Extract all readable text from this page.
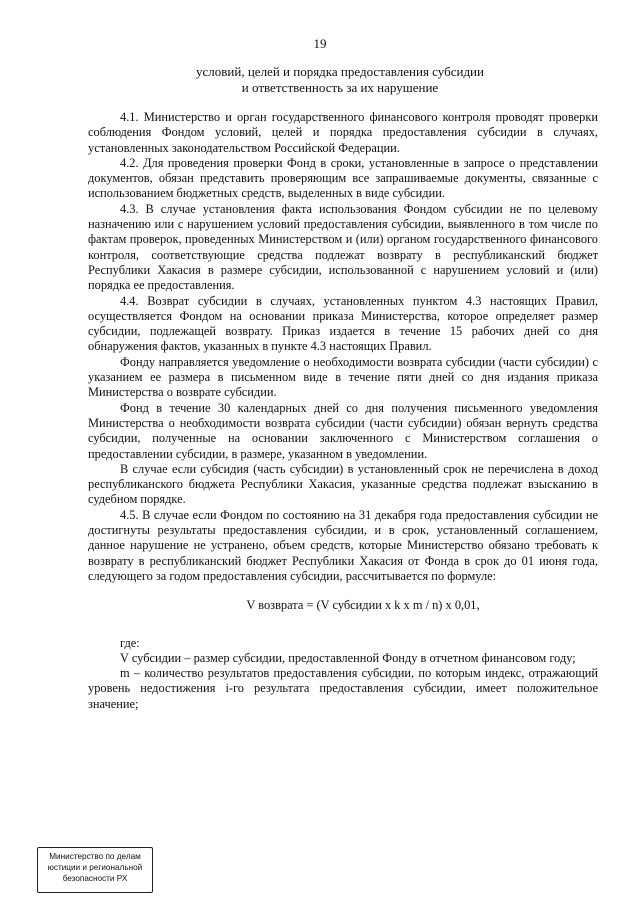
19
условий, целей и порядка предоставления субсидии
и ответственность за их нарушение

4.1. Министерство и орган государственного финансового контроля проводят проверки соблюдения Фондом условий, целей и порядка предоставления субсидии в случаях, установленных законодательством Российской Федерации.

4.2. Для проведения проверки Фонд в сроки, установленные в запросе о представлении документов, обязан представить проверяющим все запрашиваемые документы, связанные с использованием бюджетных средств, выделенных в виде субсидии.

4.3. В случае установления факта использования Фондом субсидии не по целевому назначению или с нарушением условий предоставления субсидии, выявленного в том числе по фактам проверок, проведенных Министерством и (или) органом государственного финансового контроля, соответствующие средства подлежат возврату в республиканский бюджет Республики Хакасия в размере субсидии, использованной с нарушением условий и (или) порядка ее предоставления.

4.4. Возврат субсидии в случаях, установленных пунктом 4.3 настоящих Правил, осуществляется Фондом на основании приказа Министерства, которое определяет размер субсидии, подлежащей возврату. Приказ издается в течение 15 рабочих дней со дня обнаружения фактов, указанных в пункте 4.3 настоящих Правил.

Фонду направляется уведомление о необходимости возврата субсидии (части субсидии) с указанием ее размера в письменном виде в течение пяти дней со дня издания приказа Министерства о возврате субсидии.

Фонд в течение 30 календарных дней со дня получения письменного уведомления Министерства о необходимости возврата субсидии (части субсидии) обязан вернуть средства субсидии, полученные на основании заключенного с Министерством соглашения о предоставлении субсидии, в размере, указанном в уведомлении.

В случае если субсидия (часть субсидии) в установленный срок не перечислена в доход республиканского бюджета Республики Хакасия, указанные средства подлежат взысканию в судебном порядке.

4.5. В случае если Фондом по состоянию на 31 декабря года предоставления субсидии не достигнуты результаты предоставления субсидии, и в срок, установленный соглашением, данное нарушение не устранено, объем средств, которые Министерство обязано требовать к возврату в республиканский бюджет Республики Хакасия от Фонда в срок до 01 июня года, следующего за годом предоставления субсидии, рассчитывается по формуле:

V возврата = (V субсидии х k х m / n) х 0,01,

где:

V субсидии – размер субсидии, предоставленной Фонду в отчетном финансовом году;

m – количество результатов предоставления субсидии, по которым индекс, отражающий уровень недостижения i-го результата предоставления субсидии, имеет положительное значение;

Министерство по делам
юстиции и региональной
безопасности РХ
